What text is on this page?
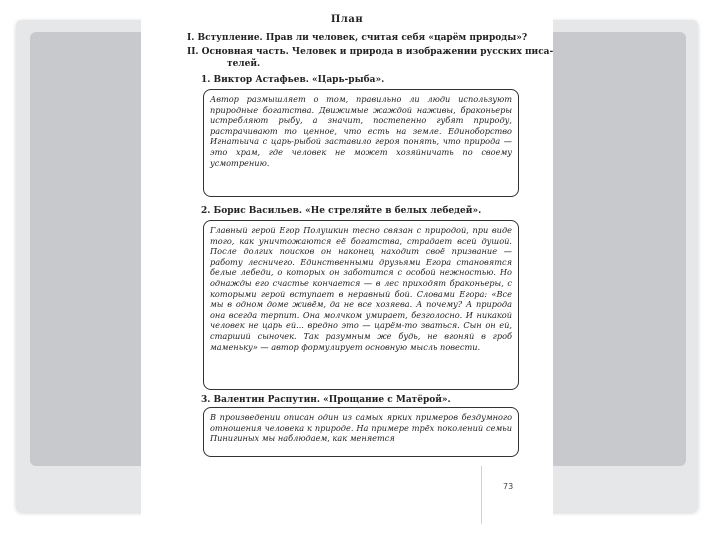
План
I. Вступление. Прав ли человек, считая себя «царём природы»?
II. Основная часть. Человек и природа в изображении русских писа-
телей.
1. Виктор Астафьев. «Царь-рыба».

Автор размышляет о том, правильно ли люди используют природные богатства. Движимые жаждой наживы, браконьеры истребляют рыбу, а значит, постепенно губят природу, растрачивают то ценное, что есть на земле. Единоборство Игнатьича с царь-рыбой заставило героя понять, что природа — это храм, где человек не может хозяйничать по своему усмотрению.

2. Борис Васильев. «Не стреляйте в белых лебедей».

Главный герой Егор Полушкин тесно связан с природой, при виде того, как уничтожаются её богатства, страдает всей душой. После долгих поисков он наконец находит своё призвание — работу лесничего. Единственными друзьями Егора становятся белые лебеди, о которых он заботится с особой нежностью. Но однажды его счастье кончается — в лес приходят браконьеры, с которыми герой вступает в неравный бой. Словами Егора: «Все мы в одном доме живём, да не все хозяева. А почему? А природа она всегда терпит. Она молчком умирает, безголосно. И никакой человек не царь ей... вредно это — царём-то зваться. Сын он ей, старший сыночек. Так разумным же будь, не вгоняй в гроб маменьку» — автор формулирует основную мысль повести.

3. Валентин Распутин. «Прощание с Матёрой».

В произведении описан один из самых ярких примеров бездумного отношения человека к природе. На примере трёх поколений семьи Пинигиных мы наблюдаем, как меняется

73
